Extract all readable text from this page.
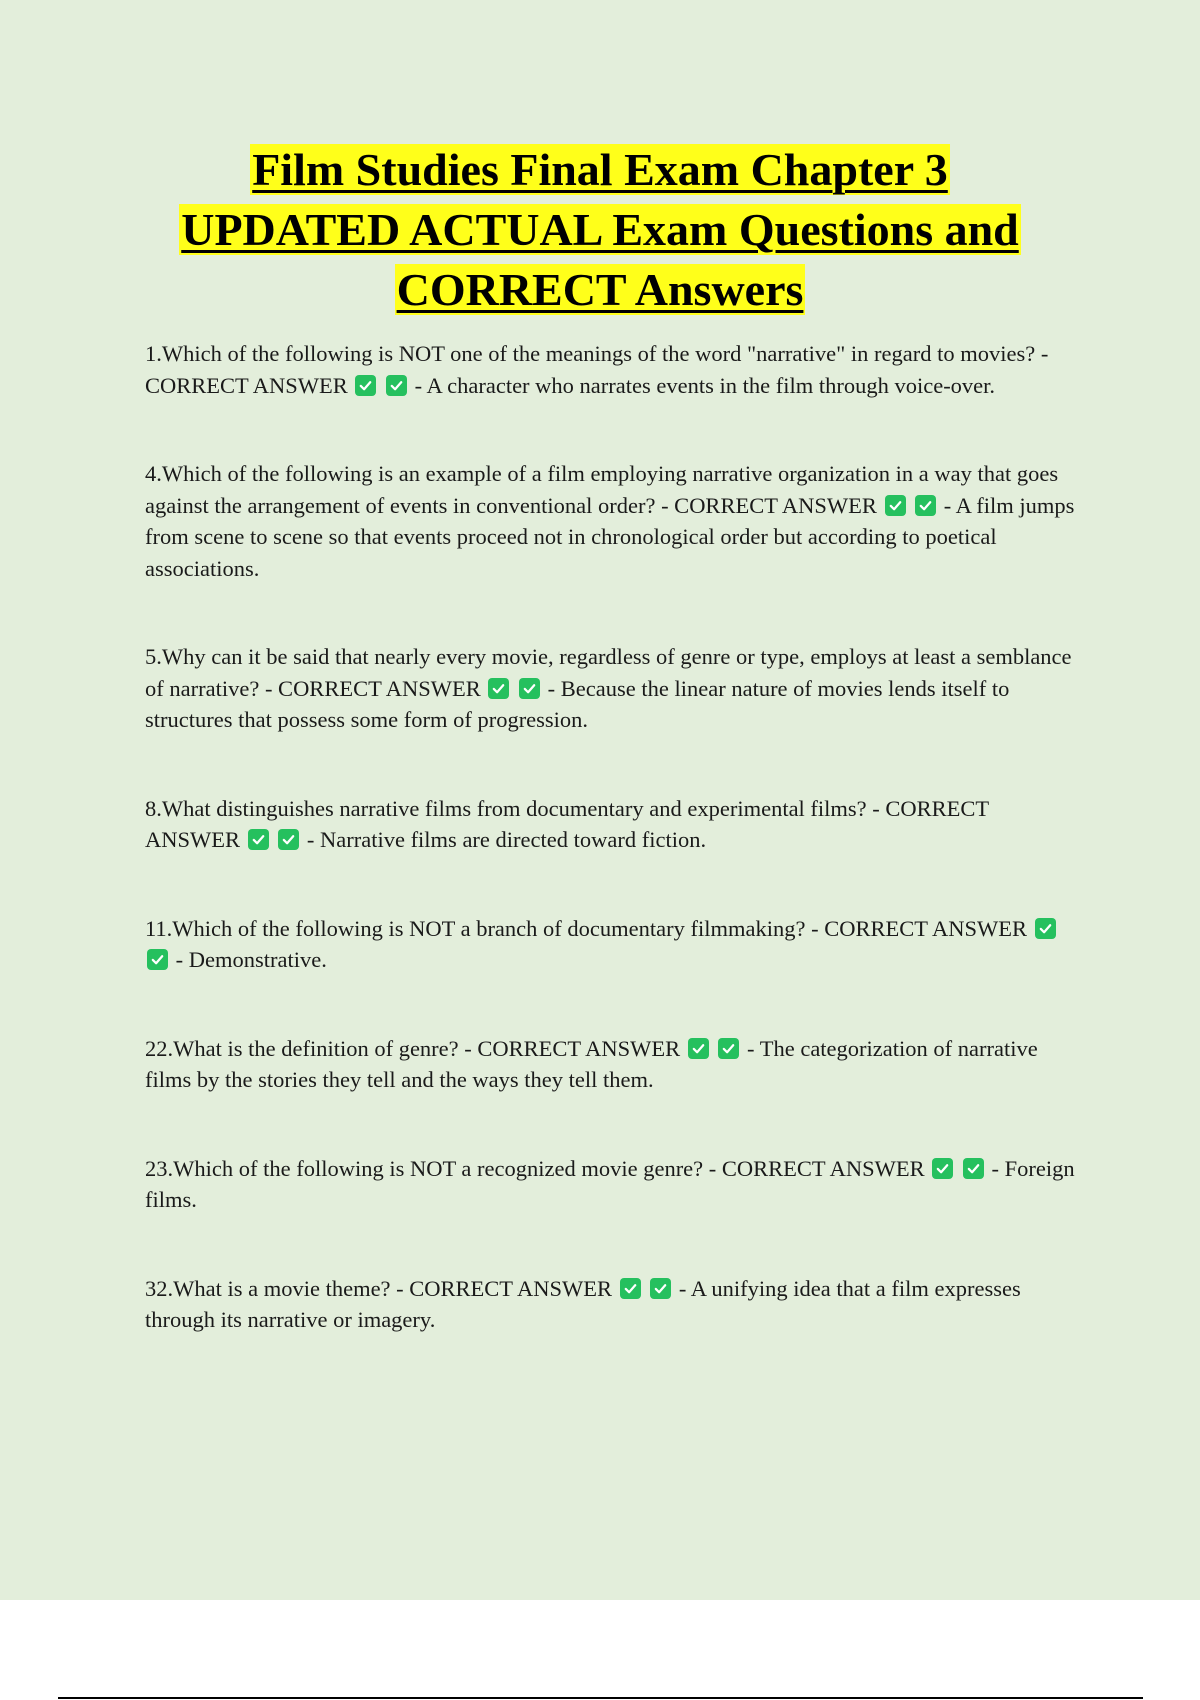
Film Studies Final Exam Chapter 3
UPDATED ACTUAL Exam Questions and
CORRECT Answers

1.Which of the following is NOT one of the meanings of the word "narrative" in regard to movies? - CORRECT ANSWER
	- A character who narrates events in the film through voice-over.

4.Which of the following is an example of a film employing narrative organization in a way that goes against the arrangement of events in conventional order? - CORRECT ANSWER
	- A film jumps from scene to scene so that events proceed not in chronological order but according to poetical associations.

5.Why can it be said that nearly every movie, regardless of genre or type, employs at least a semblance of narrative? - CORRECT ANSWER
	- Because the linear nature of movies lends itself to structures that possess some form of progression.

8.What distinguishes narrative films from documentary and experimental films? - CORRECT ANSWER
	- Narrative films are directed toward fiction.

11.Which of the following is NOT a branch of documentary filmmaking? - CORRECT ANSWER

- Demonstrative.

22.What is the definition of genre? - CORRECT ANSWER
	- The categorization of narrative films by the stories they tell and the ways they tell them.

23.Which of the following is NOT a recognized movie genre? - CORRECT ANSWER
	- Foreign films.

32.What is a movie theme? - CORRECT ANSWER
	- A unifying idea that a film expresses through its narrative or imagery.
